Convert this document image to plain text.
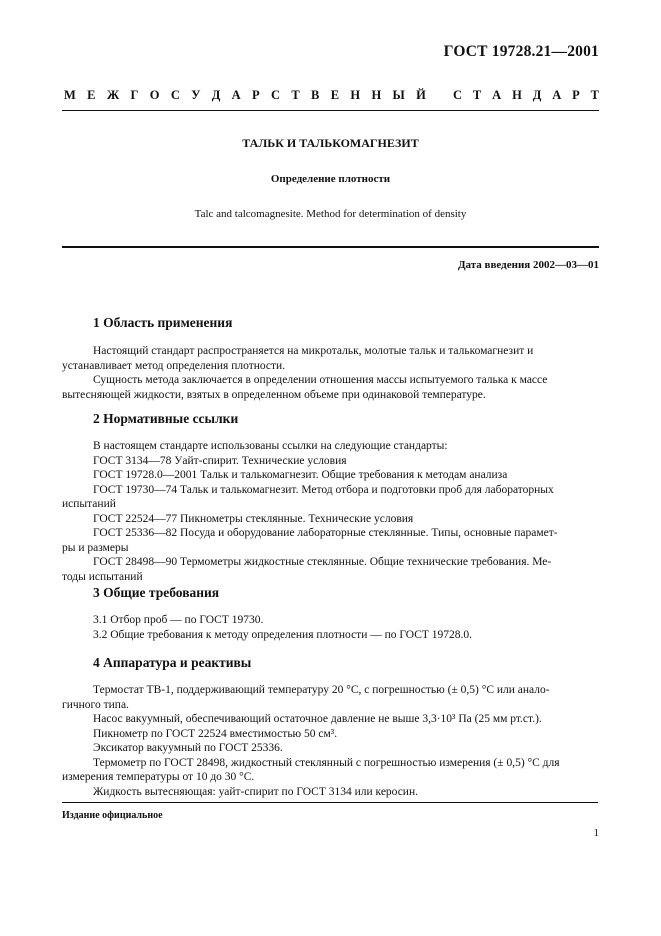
ГОСТ 19728.21—2001
М Е Ж Г О С У Д А Р С Т В Е Н Н Ы Й С Т А Н Д А Р Т
ТАЛЬК И ТАЛЬКОМАГНЕЗИТ
Определение плотности
Talc and talcomagnesite. Method for determination of density
Дата введения 2002—03—01
1 Область применения
Настоящий стандарт распространяется на микротальк, молотые тальк и талькомагнезит и
устанавливает метод определения плотности.
Сущность метода заключается в определении отношения массы испытуемого талька к массе
вытесняющей жидкости, взятых в определенном объеме при одинаковой температуре.
2 Нормативные ссылки
В настоящем стандарте использованы ссылки на следующие стандарты:
ГОСТ 3134—78 Уайт-спирит. Технические условия
ГОСТ 19728.0—2001 Тальк и талькомагнезит. Общие требования к методам анализа
ГОСТ 19730—74 Тальк и талькомагнезит. Метод отбора и подготовки проб для лабораторных
испытаний
ГОСТ 22524—77 Пикнометры стеклянные. Технические условия
ГОСТ 25336—82 Посуда и оборудование лабораторные стеклянные. Типы, основные парамет-
ры и размеры
ГОСТ 28498—90 Термометры жидкостные стеклянные. Общие технические требования. Ме-
тоды испытаний
3 Общие требования
3.1 Отбор проб — по ГОСТ 19730.
3.2 Общие требования к методу определения плотности — по ГОСТ 19728.0.
4 Аппаратура и реактивы
Термостат ТВ-1, поддерживающий температуру 20 °С, с погрешностью (± 0,5) °С или анало-
гичного типа.
Насос вакуумный, обеспечивающий остаточное давление не выше 3,3·10³ Па (25 мм рт.ст.).
Пикнометр по ГОСТ 22524 вместимостью 50 см³.
Эксикатор вакуумный по ГОСТ 25336.
Термометр по ГОСТ 28498, жидкостный стеклянный с погрешностью измерения (± 0,5) °С для
измерения температуры от 10 до 30 °С.
Жидкость вытесняющая: уайт-спирит по ГОСТ 3134 или керосин.
Издание официальное
1
